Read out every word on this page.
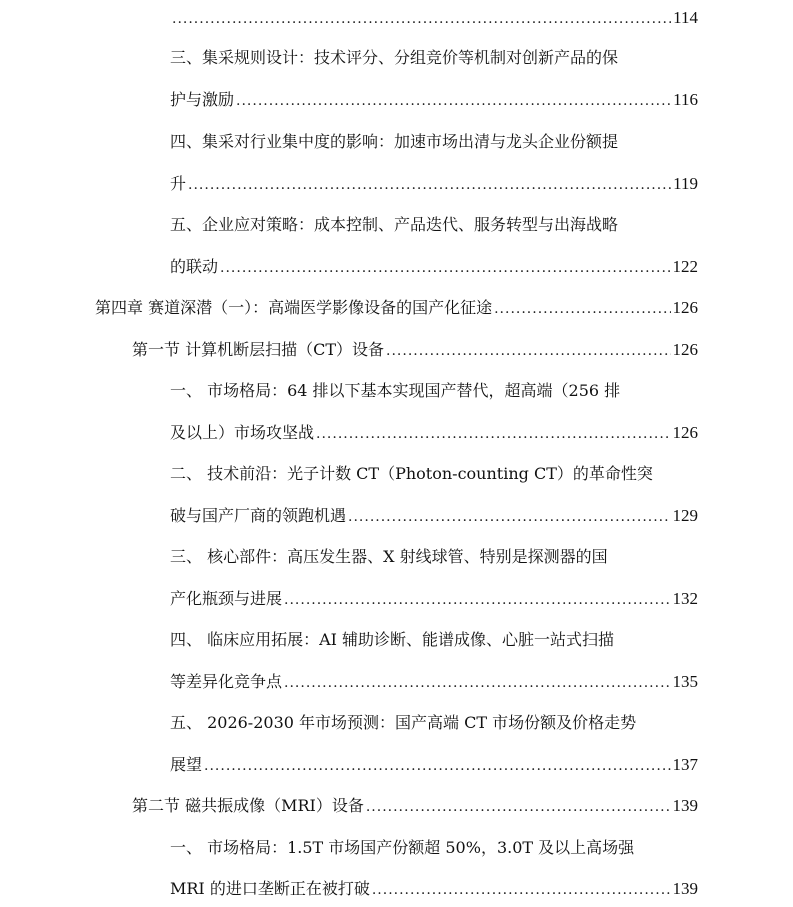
.....
114
三、集采规则设计：技术评分、分组竞价等机制对创新产品的保
护与激励 .....	116
四、集采对行业集中度的影响：加速市场出清与龙头企业份额提
升 .....	119
五、企业应对策略：成本控制、产品迭代、服务转型与出海战略
的联动 .....	122
第四章 赛道深潜（一）：高端医学影像设备的国产化征途 .....	126
第一节 计算机断层扫描（CT）设备 .....	126
一、 市场格局：64 排以下基本实现国产替代，超高端（256 排
及以上）市场攻坚战 .....	126
二、 技术前沿：光子计数 CT（Photon-counting CT）的革命性突
破与国产厂商的领跑机遇 .....	129
三、 核心部件：高压发生器、X 射线球管、特别是探测器的国
产化瓶颈与进展 .....	132
四、 临床应用拓展：AI 辅助诊断、能谱成像、心脏一站式扫描
等差异化竞争点 .....	135
五、 2026-2030 年市场预测：国产高端 CT 市场份额及价格走势
展望 .....	137
第二节 磁共振成像（MRI）设备 .....	139
一、 市场格局：1.5T 市场国产份额超 50%，3.0T 及以上高场强
MRI 的进口垄断正在被打破 .....	139
